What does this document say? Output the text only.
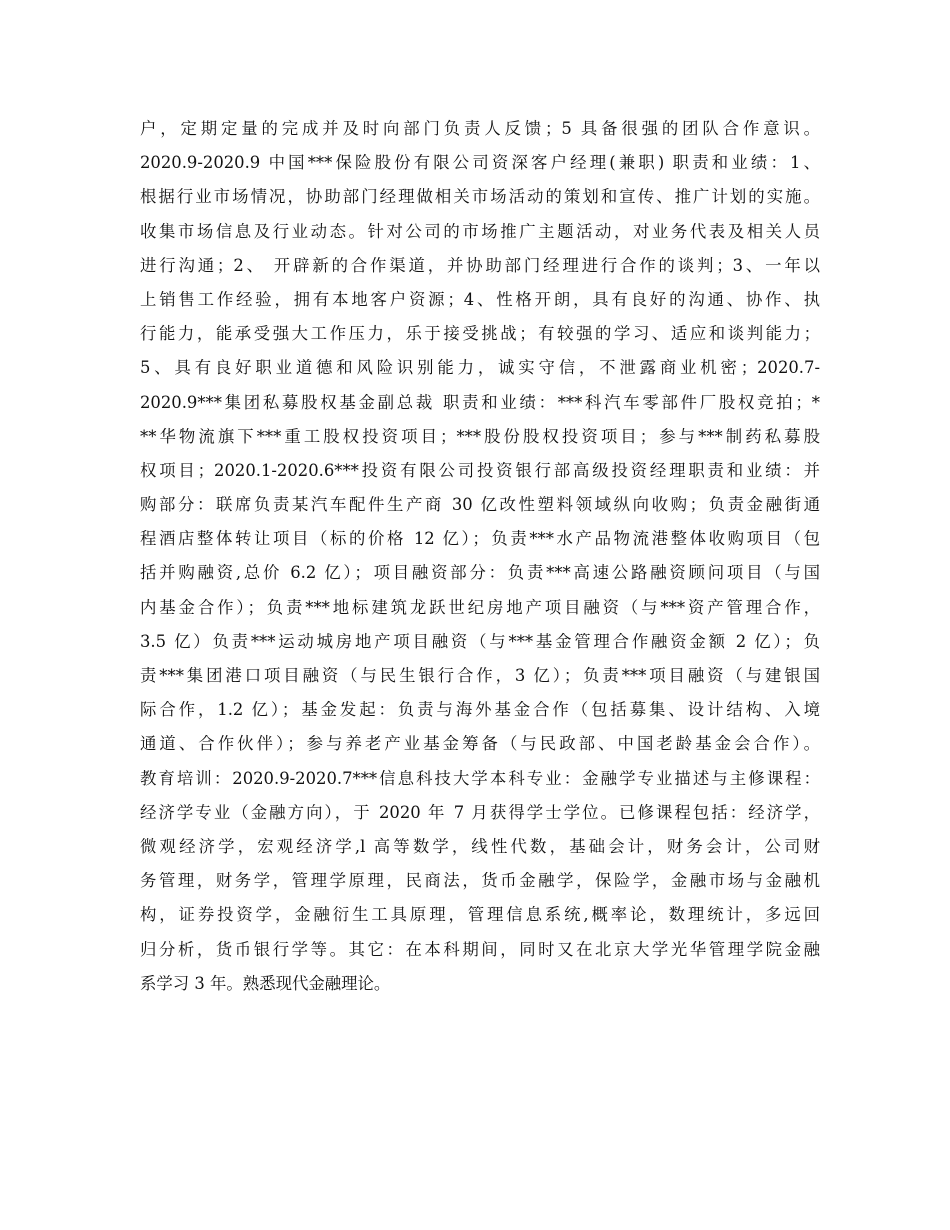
户，定期定量的完成并及时向部门负责人反馈；5 具备很强的团队合作意识。
2020.9-2020.9 中国***保险股份有限公司资深客户经理(兼职) 职责和业绩：1、
根据行业市场情况，协助部门经理做相关市场活动的策划和宣传、推广计划的实施。
收集市场信息及行业动态。针对公司的市场推广主题活动，对业务代表及相关人员
进行沟通；2、 开辟新的合作渠道，并协助部门经理进行合作的谈判；3、一年以
上销售工作经验，拥有本地客户资源；4、性格开朗，具有良好的沟通、协作、执
行能力，能承受强大工作压力，乐于接受挑战；有较强的学习、适应和谈判能力；
5、具有良好职业道德和风险识别能力，诚实守信，不泄露商业机密；2020.7-
2020.9***集团私募股权基金副总裁 职责和业绩：***科汽车零部件厂股权竞拍；*
**华物流旗下***重工股权投资项目；***股份股权投资项目；参与***制药私募股
权项目；2020.1-2020.6***投资有限公司投资银行部高级投资经理职责和业绩：并
购部分：联席负责某汽车配件生产商 30 亿改性塑料领域纵向收购；负责金融街通
程酒店整体转让项目（标的价格 12 亿）；负责***水产品物流港整体收购项目（包
括并购融资,总价 6.2 亿）；项目融资部分：负责***高速公路融资顾问项目（与国
内基金合作）；负责***地标建筑龙跃世纪房地产项目融资（与***资产管理合作，
3.5 亿）负责***运动城房地产项目融资（与***基金管理合作融资金额 2 亿）；负
责***集团港口项目融资（与民生银行合作，3 亿）；负责***项目融资（与建银国
际合作，1.2 亿）；基金发起：负责与海外基金合作（包括募集、设计结构、入境
通道、合作伙伴）；参与养老产业基金筹备（与民政部、中国老龄基金会合作）。
教育培训：2020.9-2020.7***信息科技大学本科专业：金融学专业描述与主修课程：
经济学专业（金融方向），于 2020 年 7 月获得学士学位。已修课程包括：经济学，
微观经济学，宏观经济学,l 高等数学，线性代数，基础会计，财务会计，公司财
务管理，财务学，管理学原理，民商法，货币金融学，保险学，金融市场与金融机
构，证券投资学，金融衍生工具原理，管理信息系统,概率论，数理统计，多远回
归分析，货币银行学等。其它：在本科期间，同时又在北京大学光华管理学院金融
系学习 3 年。熟悉现代金融理论。
